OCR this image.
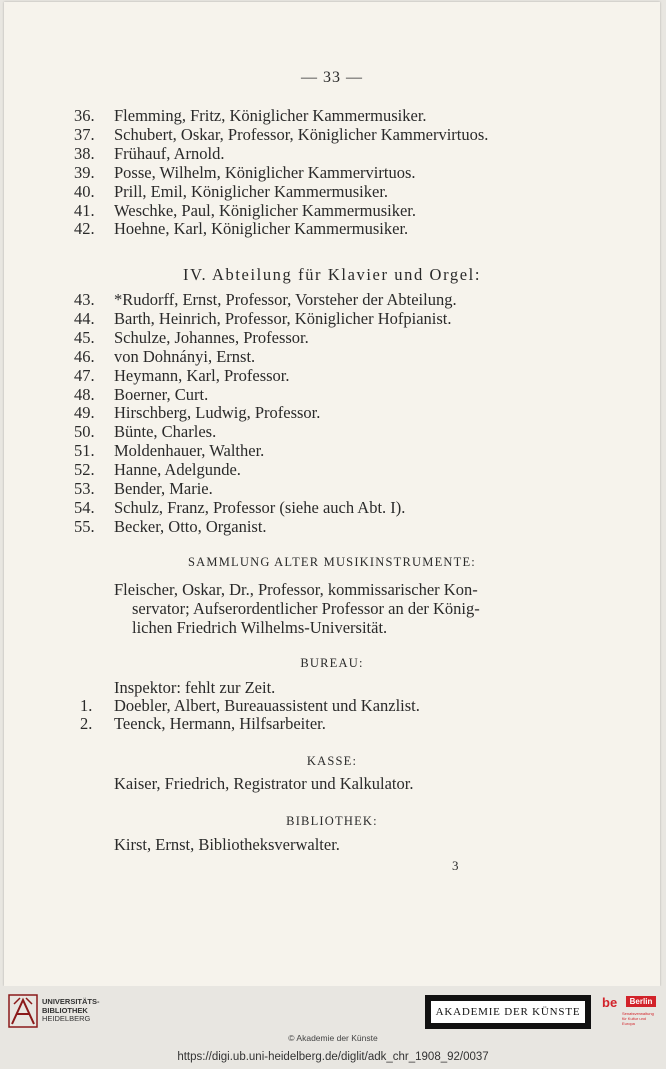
— 33 —
36.	Flemming, Fritz, Königlicher Kammermusiker.
37.	Schubert, Oskar, Professor, Königlicher Kammervirtuos.
38.	Frühauf, Arnold.
39.	Posse, Wilhelm, Königlicher Kammervirtuos.
40.	Prill, Emil, Königlicher Kammermusiker.
41.	Weschke, Paul, Königlicher Kammermusiker.
42.	Hoehne, Karl, Königlicher Kammermusiker.
IV. Abteilung für Klavier und Orgel:
43.	*Rudorff, Ernst, Professor, Vorsteher der Abteilung.
44.	Barth, Heinrich, Professor, Königlicher Hofpianist.
45.	Schulze, Johannes, Professor.
46.	von Dohnányi, Ernst.
47.	Heymann, Karl, Professor.
48.	Boerner, Curt.
49.	Hirschberg, Ludwig, Professor.
50.	Bünte, Charles.
51.	Moldenhauer, Walther.
52.	Hanne, Adelgunde.
53.	Bender, Marie.
54.	Schulz, Franz, Professor (siehe auch Abt. I).
55.	Becker, Otto, Organist.
SAMMLUNG ALTER MUSIKINSTRUMENTE:
Fleischer, Oskar, Dr., Professor, kommissarischer Kon-
servator; Aufserordentlicher Professor an der König-
lichen Friedrich Wilhelms-Universität.
BUREAU:
Inspektor: fehlt zur Zeit.
1.	Doebler, Albert, Bureauassistent und Kanzlist.
2.	Teenck, Hermann, Hilfsarbeiter.
KASSE:
Kaiser, Friedrich, Registrator und Kalkulator.
BIBLIOTHEK:
Kirst, Ernst, Bibliotheksverwalter.
3
UNIVERSITÄTS-
BIBLIOTHEK
HEIDELBERG
AKADEMIE DER KÜNSTE
be	Berlin
Senatsverwaltung für Kultur und Europa
© Akademie der Künste
https://digi.ub.uni-heidelberg.de/diglit/adk_chr_1908_92/0037
